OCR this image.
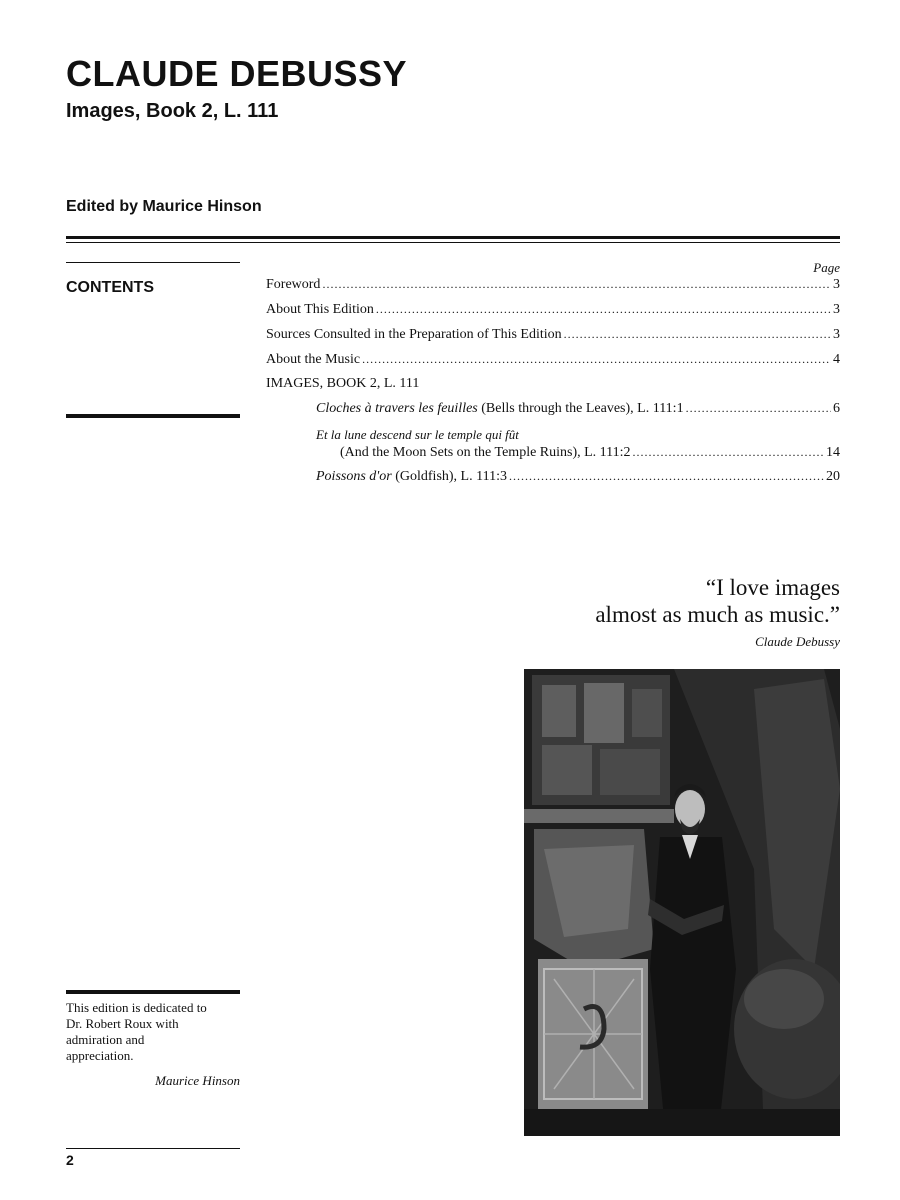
CLAUDE DEBUSSY
Images, Book 2, L. 111
Edited by Maurice Hinson
CONTENTS
Page
Foreword .....	3
About This Edition .....	3
Sources Consulted in the Preparation of This Edition .....	3
About the Music .....	4
IMAGES, BOOK 2, L. 111
Cloches à travers les feuilles (Bells through the Leaves), L. 111:1 .....	6
Et la lune descend sur le temple qui fût
(And the Moon Sets on the Temple Ruins), L. 111:2 .....	14
Poissons d'or (Goldfish), L. 111:3 .....	20
“I love images
almost as much as music.”
Claude Debussy
This edition is dedicated to
Dr. Robert Roux with
admiration and
appreciation.
Maurice Hinson
2
